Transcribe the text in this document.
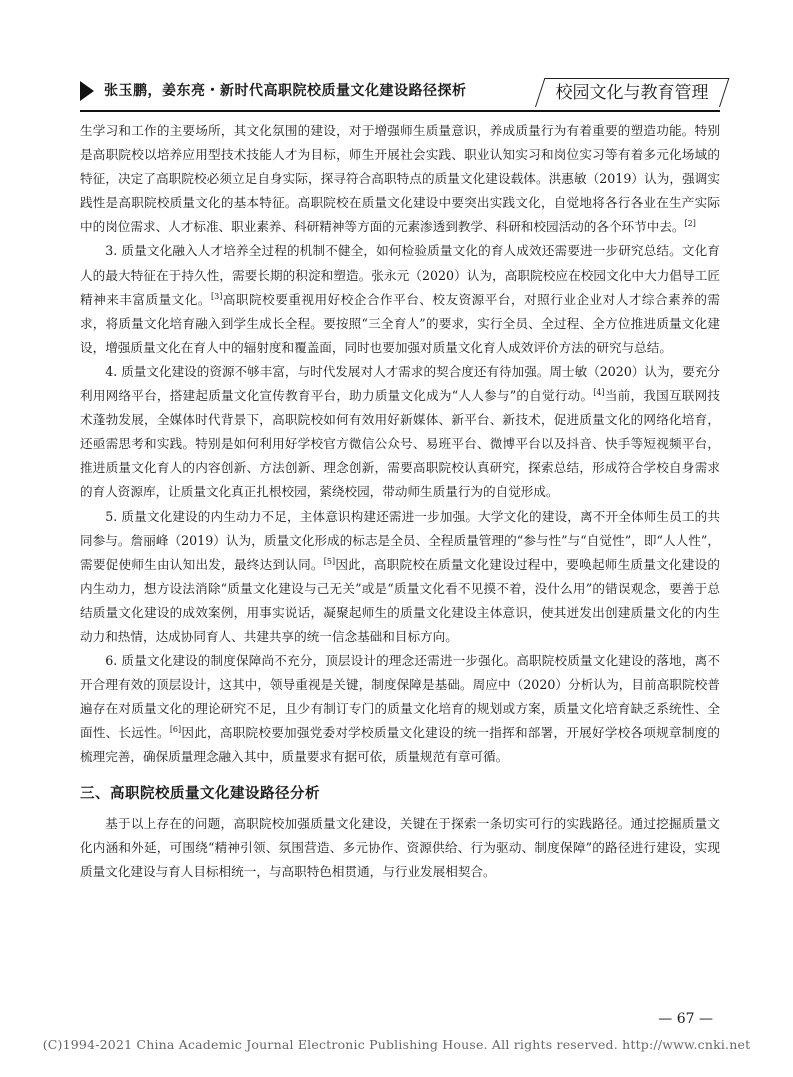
张玉鹏，姜东亮・新时代高职院校质量文化建设路径探析	校园文化与教育管理

生学习和工作的主要场所，其文化氛围的建设，对于增强师生质量意识，养成质量行为有着重要的塑造功能。特别是高职院校以培养应用型技术技能人才为目标，师生开展社会实践、职业认知实习和岗位实习等有着多元化场域的特征，决定了高职院校必须立足自身实际，探寻符合高职特点的质量文化建设载体。洪惠敏（2019）认为，强调实践性是高职院校质量文化的基本特征。高职院校在质量文化建设中要突出实践文化，自觉地将各行各业在生产实际中的岗位需求、人才标准、职业素养、科研精神等方面的元素渗透到教学、科研和校园活动的各个环节中去。[2]

3. 质量文化融入人才培养全过程的机制不健全，如何检验质量文化的育人成效还需要进一步研究总结。文化育人的最大特征在于持久性，需要长期的积淀和塑造。张永元（2020）认为，高职院校应在校园文化中大力倡导工匠精神来丰富质量文化。[3]高职院校要重视用好校企合作平台、校友资源平台，对照行业企业对人才综合素养的需求，将质量文化培育融入到学生成长全程。要按照“三全育人”的要求，实行全员、全过程、全方位推进质量文化建设，增强质量文化在育人中的辐射度和覆盖面，同时也要加强对质量文化育人成效评价方法的研究与总结。

4. 质量文化建设的资源不够丰富，与时代发展对人才需求的契合度还有待加强。周士敏（2020）认为，要充分利用网络平台，搭建起质量文化宣传教育平台，助力质量文化成为“人人参与”的自觉行动。[4]当前，我国互联网技术蓬勃发展，全媒体时代背景下，高职院校如何有效用好新媒体、新平台、新技术，促进质量文化的网络化培育，还亟需思考和实践。特别是如何利用好学校官方微信公众号、易班平台、微博平台以及抖音、快手等短视频平台，推进质量文化育人的内容创新、方法创新、理念创新，需要高职院校认真研究，探索总结，形成符合学校自身需求的育人资源库，让质量文化真正扎根校园，萦绕校园，带动师生质量行为的自觉形成。

5. 质量文化建设的内生动力不足，主体意识构建还需进一步加强。大学文化的建设，离不开全体师生员工的共同参与。詹丽峰（2019）认为，质量文化形成的标志是全员、全程质量管理的“参与性”与“自觉性”，即“人人性”，需要促使师生由认知出发，最终达到认同。[5]因此，高职院校在质量文化建设过程中，要唤起师生质量文化建设的内生动力，想方设法消除“质量文化建设与己无关”或是“质量文化看不见摸不着，没什么用”的错误观念，要善于总结质量文化建设的成效案例，用事实说话，凝聚起师生的质量文化建设主体意识，使其迸发出创建质量文化的内生动力和热情，达成协同育人、共建共享的统一信念基础和目标方向。

6. 质量文化建设的制度保障尚不充分，顶层设计的理念还需进一步强化。高职院校质量文化建设的落地，离不开合理有效的顶层设计，这其中，领导重视是关键，制度保障是基础。周应中（2020）分析认为，目前高职院校普遍存在对质量文化的理论研究不足，且少有制订专门的质量文化培育的规划或方案，质量文化培育缺乏系统性、全面性、长远性。[6]因此，高职院校要加强党委对学校质量文化建设的统一指挥和部署，开展好学校各项规章制度的梳理完善，确保质量理念融入其中，质量要求有据可依，质量规范有章可循。

三、高职院校质量文化建设路径分析

基于以上存在的问题，高职院校加强质量文化建设，关键在于探索一条切实可行的实践路径。通过挖掘质量文化内涵和外延，可围绕“精神引领、氛围营造、多元协作、资源供给、行为驱动、制度保障”的路径进行建设，实现质量文化建设与育人目标相统一，与高职特色相贯通，与行业发展相契合。

— 67 —
(C)1994-2021 China Academic Journal Electronic Publishing House. All rights reserved. http://www.cnki.net
